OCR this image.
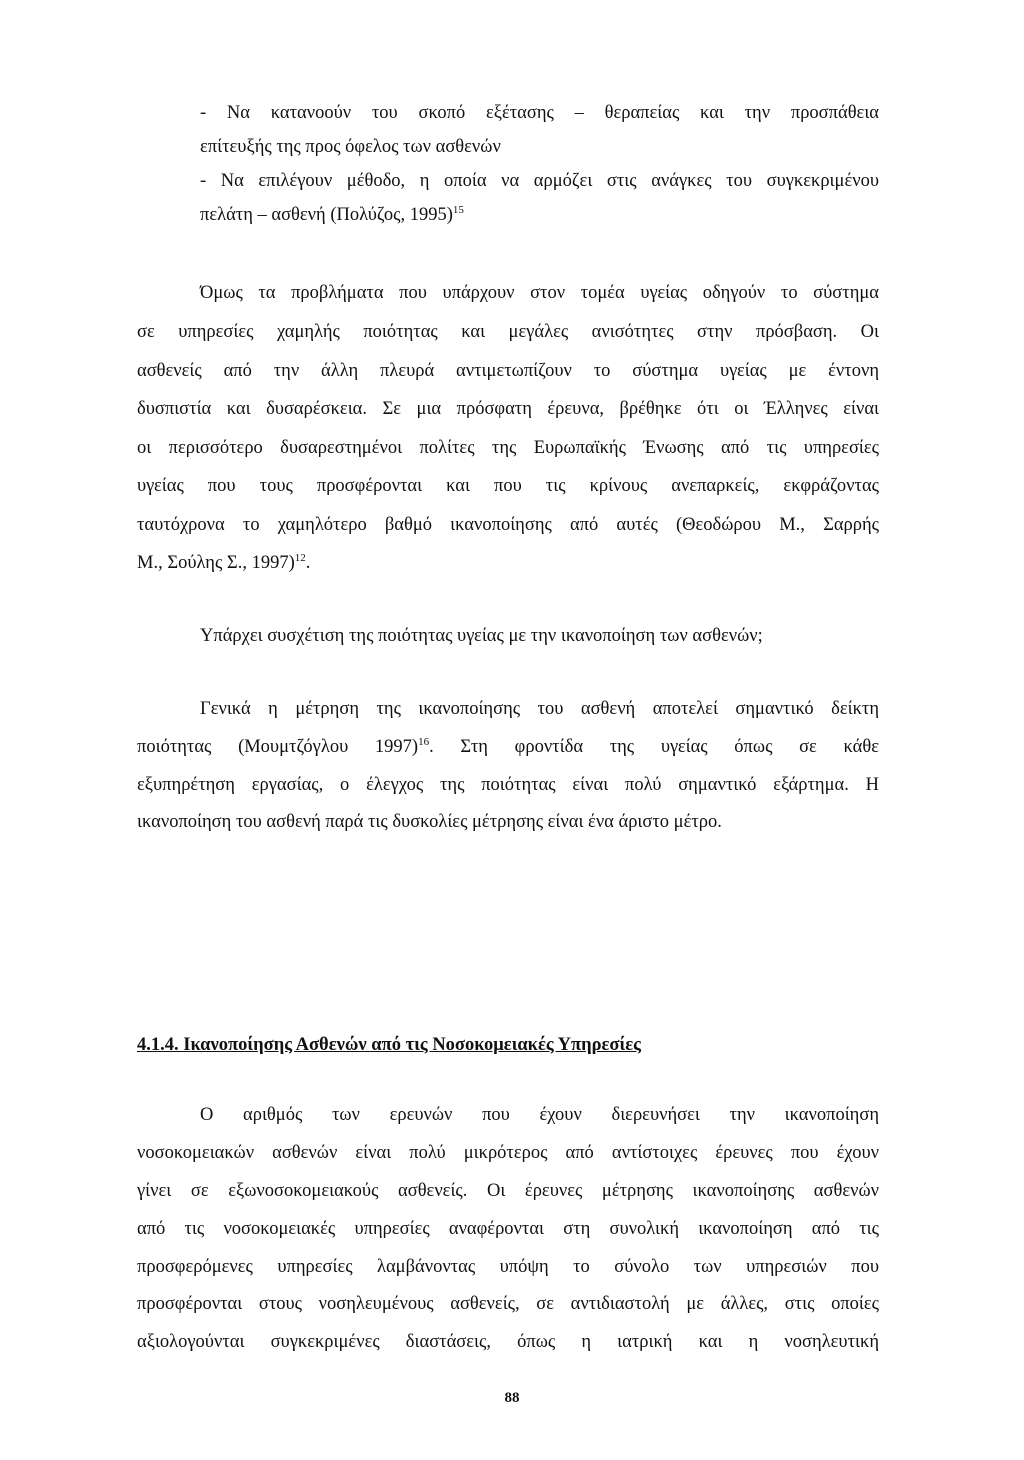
- Να κατανοούν του σκοπό εξέτασης – θεραπείας και την προσπάθεια
επίτευξής της προς όφελος των ασθενών
- Να επιλέγουν μέθοδο, η οποία να αρμόζει στις ανάγκες του συγκεκριμένου
πελάτη – ασθενή (Πολύζος, 1995)$^{15}$
Όμως τα προβλήματα που υπάρχουν στον τομέα υγείας οδηγούν το σύστημα
σε υπηρεσίες χαμηλής ποιότητας και μεγάλες ανισότητες στην πρόσβαση. Οι
ασθενείς από την άλλη πλευρά αντιμετωπίζουν το σύστημα υγείας με έντονη
δυσπιστία και δυσαρέσκεια. Σε μια πρόσφατη έρευνα, βρέθηκε ότι οι Έλληνες είναι
οι περισσότερο δυσαρεστημένοι πολίτες της Ευρωπαϊκής Ένωσης από τις υπηρεσίες
υγείας που τους προσφέρονται και που τις κρίνους ανεπαρκείς, εκφράζοντας
ταυτόχρονα το χαμηλότερο βαθμό ικανοποίησης από αυτές (Θεοδώρου Μ., Σαρρής
Μ., Σούλης Σ., 1997)$^{12}$.
Υπάρχει συσχέτιση της ποιότητας υγείας με την ικανοποίηση των ασθενών;
Γενικά η μέτρηση της ικανοποίησης του ασθενή αποτελεί σημαντικό δείκτη
ποιότητας (Μουμτζόγλου 1997)$^{16}$. Στη φροντίδα της υγείας όπως σε κάθε
εξυπηρέτηση εργασίας, ο έλεγχος της ποιότητας είναι πολύ σημαντικό εξάρτημα. Η
ικανοποίηση του ασθενή παρά τις δυσκολίες μέτρησης είναι ένα άριστο μέτρο.
4.1.4. Ικανοποίησης Ασθενών από τις Νοσοκομειακές Υπηρεσίες
Ο αριθμός των ερευνών που έχουν διερευνήσει την ικανοποίηση
νοσοκομειακών ασθενών είναι πολύ μικρότερος από αντίστοιχες έρευνες που έχουν
γίνει σε εξωνοσοκομειακούς ασθενείς. Οι έρευνες μέτρησης ικανοποίησης ασθενών
από τις νοσοκομειακές υπηρεσίες αναφέρονται στη συνολική ικανοποίηση από τις
προσφερόμενες υπηρεσίες λαμβάνοντας υπόψη το σύνολο των υπηρεσιών που
προσφέρονται στους νοσηλευμένους ασθενείς, σε αντιδιαστολή με άλλες, στις οποίες
αξιολογούνται συγκεκριμένες διαστάσεις, όπως η ιατρική και η νοσηλευτική
88
